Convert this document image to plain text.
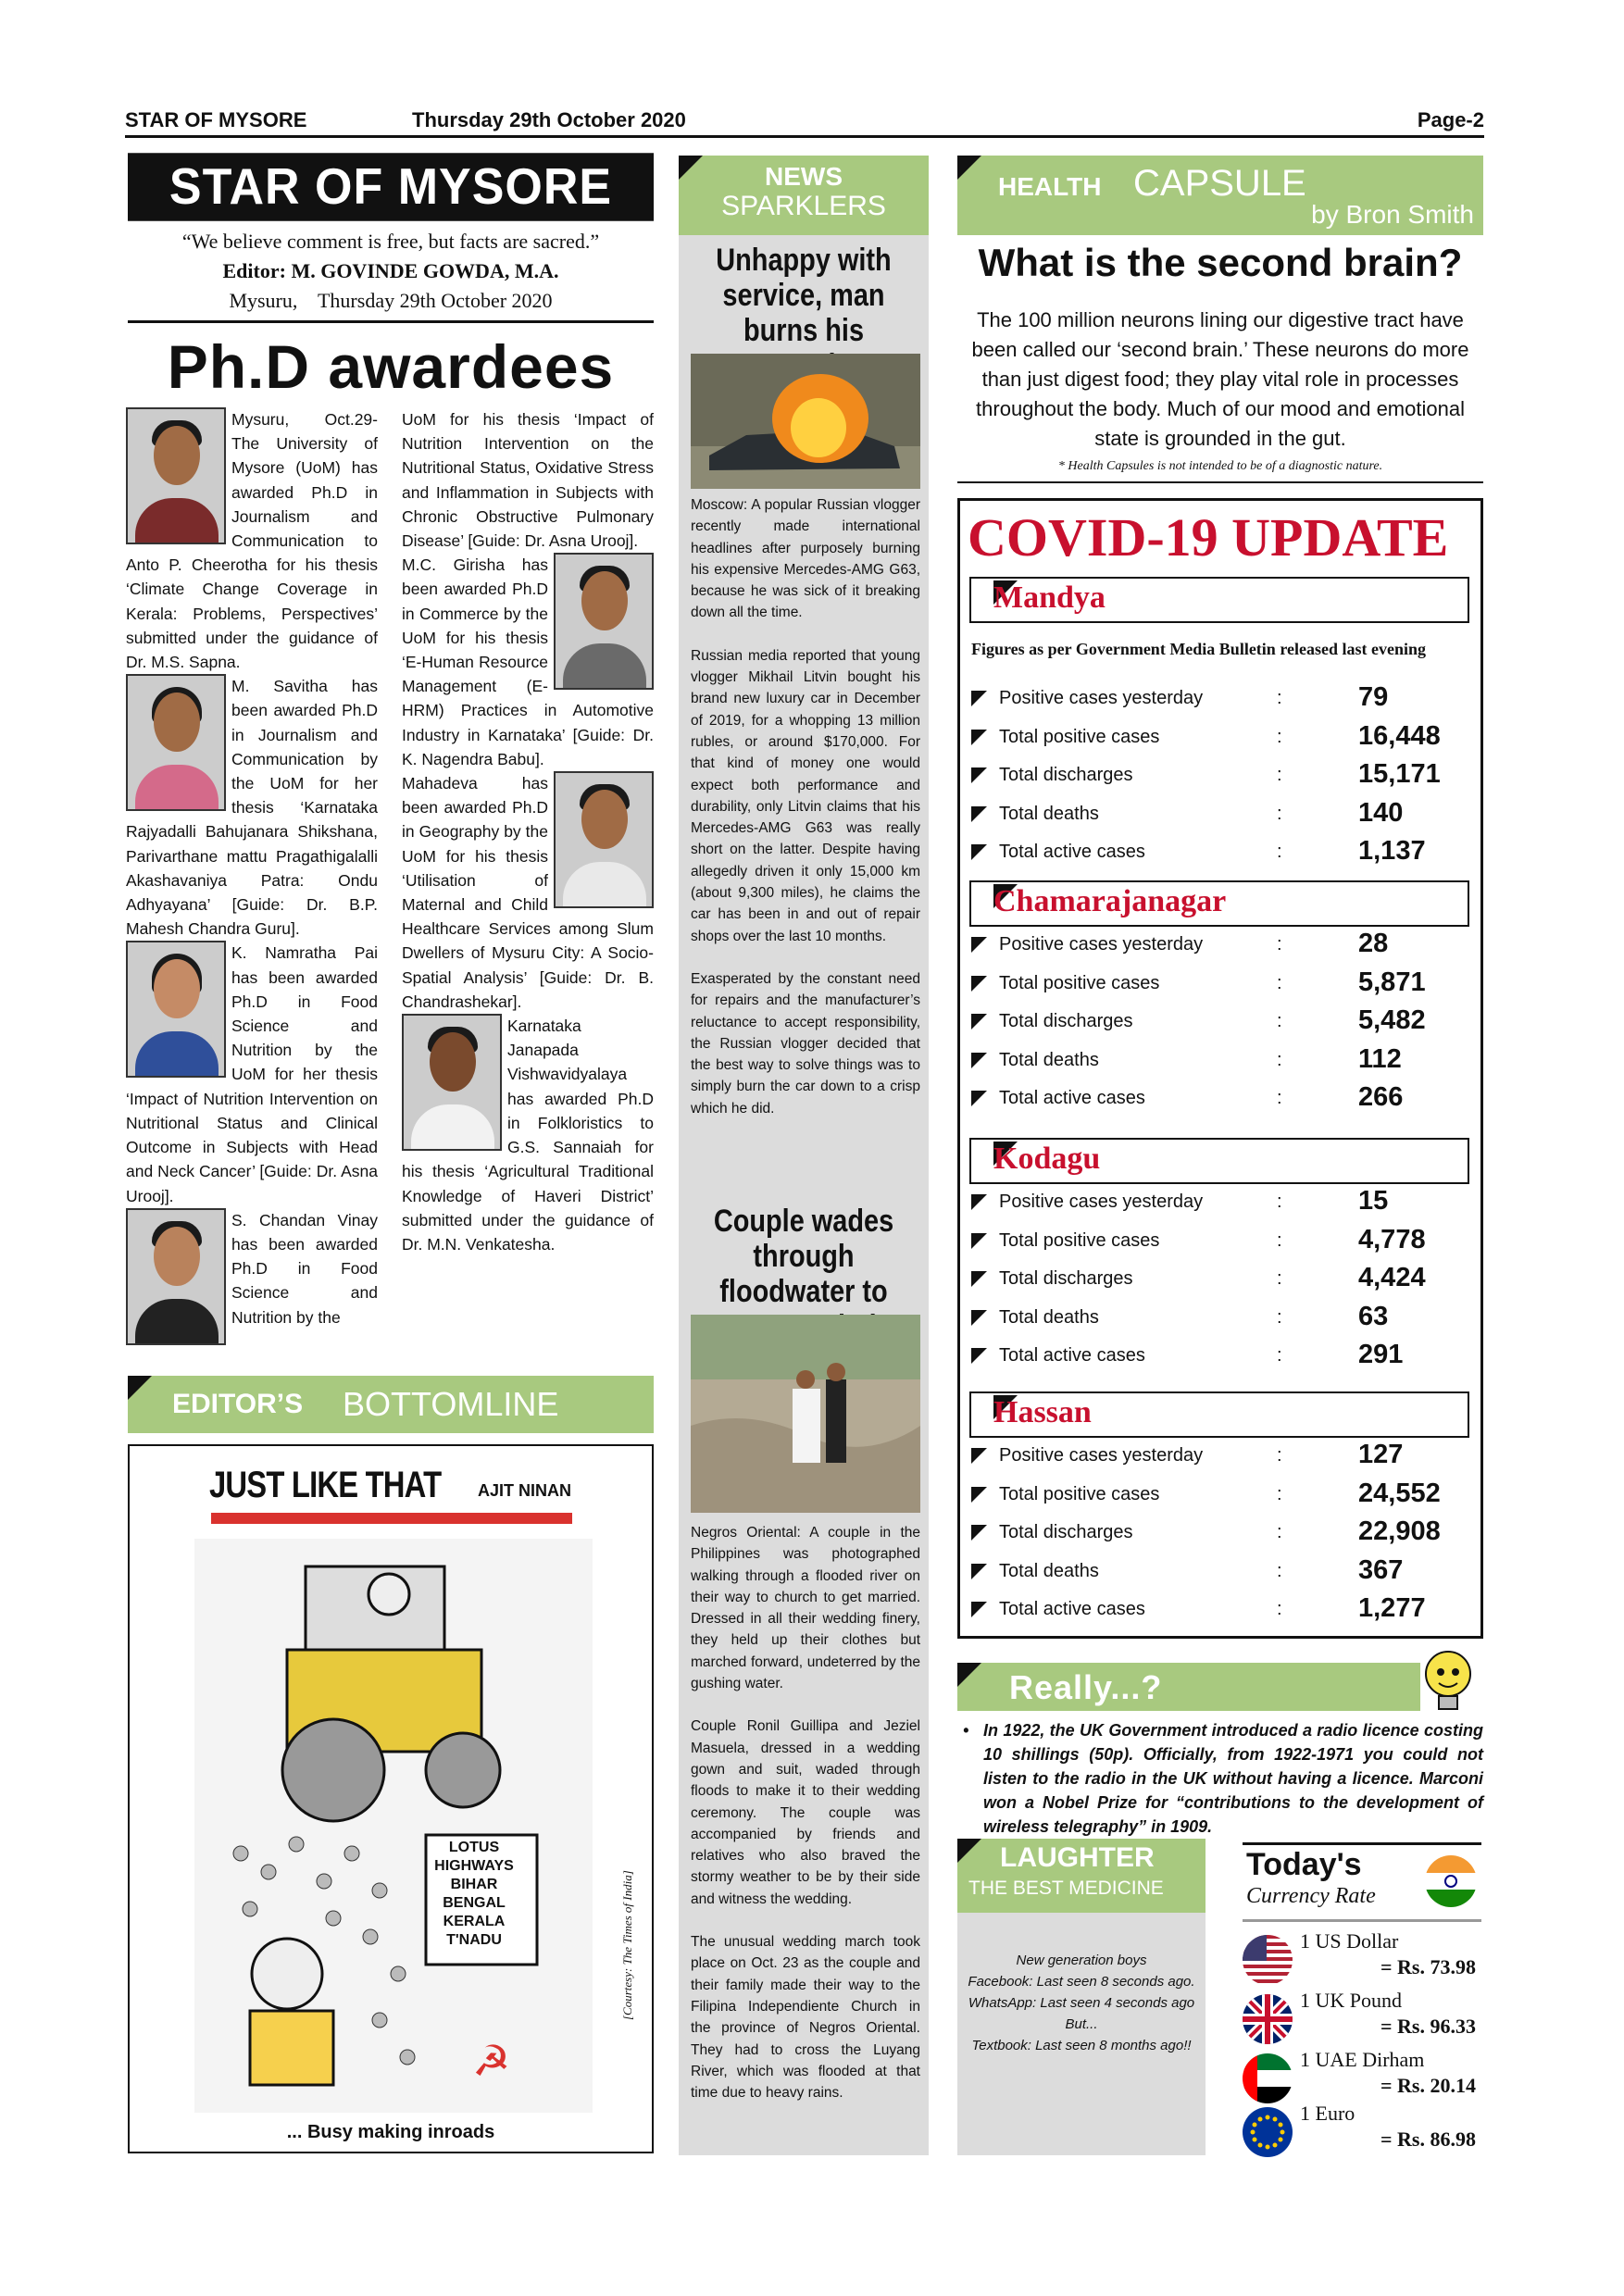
STAR OF MYSORE	Thursday 29th October 2020	Page-2
STAR OF MYSORE
“We believe comment is free, but facts are sacred.”
Editor: M. GOVINDE GOWDA, M.A.
Mysuru,    Thursday 29th October 2020
Ph.D awardees

Mysuru, Oct.29- The University of Mysore (UoM) has awarded Ph.D in Journalism and Communication to Anto P. Cheerotha for his thesis ‘Climate Change Coverage in Kerala: Problems, Perspectives’ submitted under the guidance of Dr. M.S. Sapna.

M. Savitha has been awarded Ph.D in Journalism and Communication by the UoM for her thesis ‘Karnataka Rajyadalli Bahujanara Shikshana, Parivarthane mattu Pragathigalalli Akashavaniya Patra: Ondu Adhyayana’ [Guide: Dr. B.P. Mahesh Chandra Guru].

K. Namratha Pai has been awarded Ph.D in Food Science and Nutrition by the UoM for her thesis ‘Impact of Nutrition Intervention on Nutritional Status and Clinical Outcome in Subjects with Head and Neck Cancer’ [Guide: Dr. Asna Urooj].

S. Chandan Vinay has been awarded Ph.D in Food Science and Nutrition by the

UoM for his thesis ‘Impact of Nutrition Intervention on the Nutritional Status, Oxidative Stress and Inflammation in Subjects with Chronic Obstructive Pulmonary Disease’ [Guide: Dr. Asna Urooj].

M.C. Girisha has been awarded Ph.D in Commerce by the UoM for his thesis ‘E-Human Resource Management (E-HRM) Practices in Automotive Industry in Karnataka’ [Guide: Dr. K. Nagendra Babu].

Mahadeva has been awarded Ph.D in Geography by the UoM for his thesis ‘Utilisation of Maternal and Child Healthcare Services among Slum Dwellers of Mysuru City: A Socio-Spatial Analysis’ [Guide: Dr. B. Chandrashekar].

Karnataka Janapada Vishwavidyalaya has awarded Ph.D in Folkloristics to G.S. Sannaiah for his thesis ‘Agricultural Traditional Knowledge of Haveri District’ submitted under the guidance of Dr. M.N. Venkatesha.

EDITOR’S BOTTOMLINE
JUST LIKE THAT AJIT NINAN
☭
LOTUS HIGHWAYS
BIHAR
BENGAL
KERALA
T'NADU	[Courtesy: The Times of India]
... Busy making inroads
NEWS
SPARKLERS
Unhappy with service, man burns his

Moscow: A popular Russian vlogger recently made international headlines after purposely burning his expensive Mercedes-AMG G63, because he was sick of it breaking down all the time.

Russian media reported that young vlogger Mikhail Litvin bought his brand new luxury car in December of 2019, for a whopping 13 million rubles, or around $170,000. For that kind of money one would expect both performance and durability, only Litvin claims that his Mercedes-AMG G63 was really short on the latter. Despite having allegedly driven it only 15,000 km (about 9,300 miles), he claims the car has been in and out of repair shops over the last 10 months.

Exasperated by the constant need for repairs and the manufacturer’s reluctance to accept responsibility, the Russian vlogger decided that the best way to solve things was to simply burn the car down to a crisp which he did.

Couple wades through floodwater to

Negros Oriental: A couple in the Philippines was photographed walking through a flooded river on their way to church to get married. Dressed in all their wedding finery, they held up their clothes but marched forward, undeterred by the gushing water.

Couple Ronil Guillipa and Jeziel Masuela, dressed in a wedding gown and suit, waded through floods to make it to their wedding ceremony. The couple was accompanied by friends and relatives who also braved the stormy weather to be by their side and witness the wedding.

The unusual wedding march took place on Oct. 23 as the couple and their family made their way to the Filipina Independiente Church in the province of Negros Oriental. They had to cross the Luyang River, which was flooded at that time due to heavy rains.

HEALTH CAPSULE
by Bron Smith
What is the second brain?
The 100 million neurons lining our digestive tract have been called our ‘second brain.’ These neurons do more than just digest food; they play vital role in processes throughout the body. Much of our mood and emotional state is grounded in the gut.
* Health Capsules is not intended to be of a diagnostic nature.
COVID-19 UPDATE
Mandya
Figures as per Government Media Bulletin released last evening
Positive cases yesterday	:	79
Total positive cases	:	16,448
Total discharges	:	15,171
Total deaths	:	140
Total active cases	:	1,137
Chamarajanagar
Positive cases yesterday	:	28
Total positive cases	:	5,871
Total discharges	:	5,482
Total deaths	:	112
Total active cases	:	266
Kodagu
Positive cases yesterday	:	15
Total positive cases	:	4,778
Total discharges	:	4,424
Total deaths	:	63
Total active cases	:	291
Hassan
Positive cases yesterday	:	127
Total positive cases	:	24,552
Total discharges	:	22,908
Total deaths	:	367
Total active cases	:	1,277
Really...?
• In 1922, the UK Government introduced a radio licence costing 10 shillings (50p). Officially, from 1922-1971 you could not listen to the radio in the UK without having a licence. Marconi won a Nobel Prize for “contributions to the development of wireless telegraphy” in 1909.
LAUGHTER
THE BEST MEDICINE
New generation boys
Facebook: Last seen 8 seconds ago.
WhatsApp: Last seen 4 seconds ago
But...
Textbook: Last seen 8 months ago!!
Today's
Currency Rate
1 US Dollar
= Rs. 73.98
1 UK Pound
= Rs. 96.33
1 UAE Dirham
= Rs. 20.14
1 Euro
= Rs. 86.98
